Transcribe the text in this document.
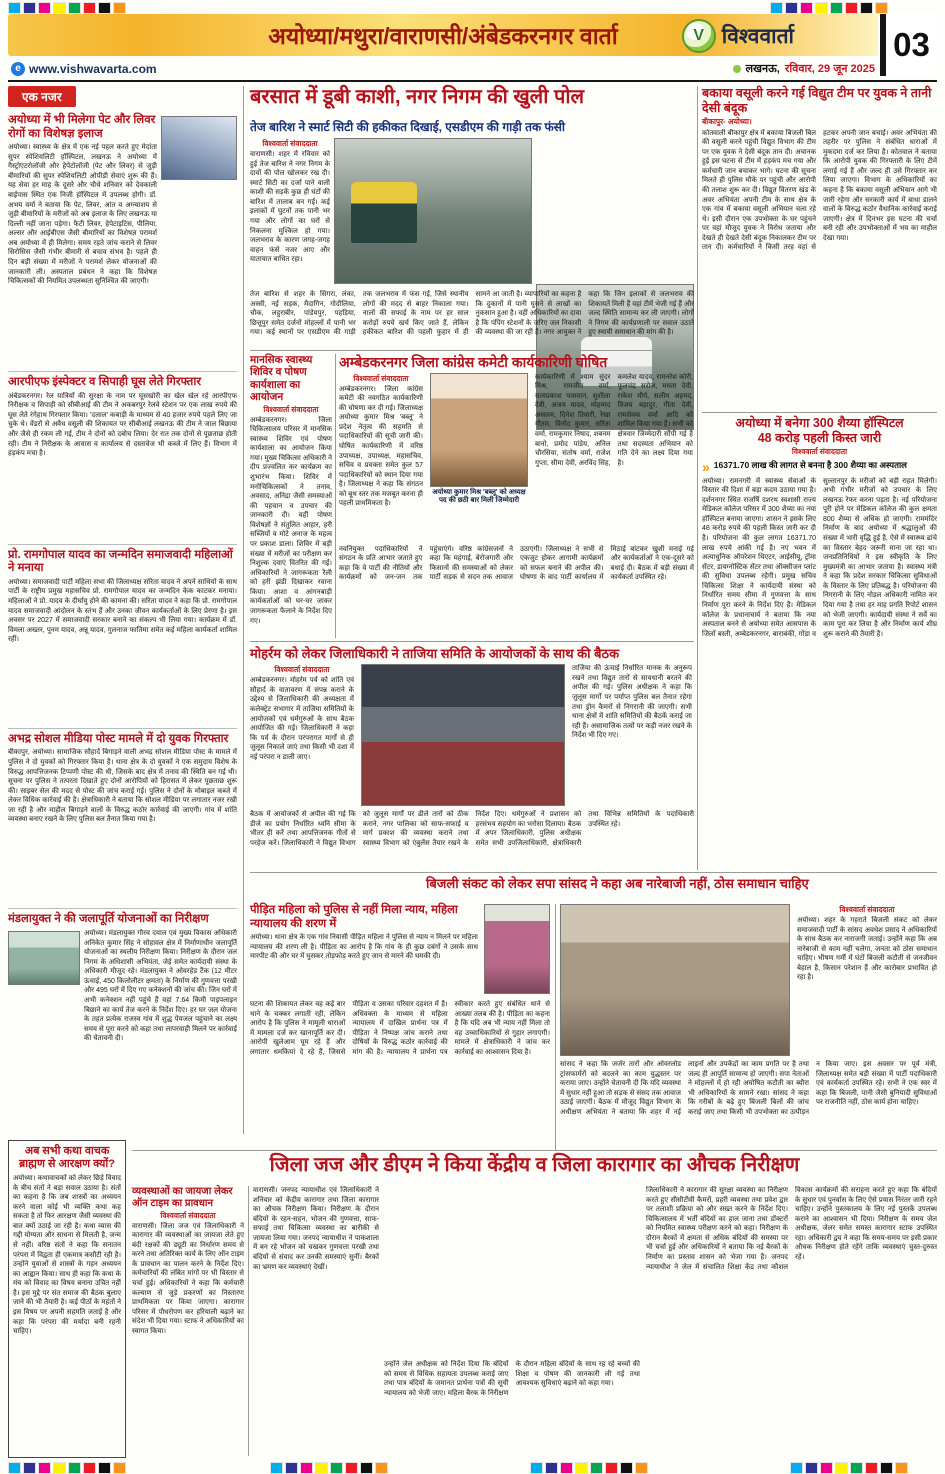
अयोध्या/मथुरा/वाराणसी/अंबेडकरनगर वार्ता	V विश्ववार्ता	03
e www.vishwavarta.com	लखनऊ, रविवार, 29 जून 2025
एक नजर
अयोध्या में भी मिलेगा पेट और लिवर रोगों का विशेषज्ञ इलाज
अयोध्या। स्वास्थ्य के क्षेत्र में एक नई पहल करते हुए मेदांता सुपर स्पेशियलिटी हॉस्पिटल, लखनऊ ने अयोध्या में गैस्ट्रोएंटरोलॉजी और हेपेटोलॉजी (पेट और लिवर) से जुड़ी बीमारियों की सुपर स्पेशियलिटी ओपीडी सेवाएं शुरू की हैं। यह सेवा हर माह के दूसरे और चौथे शनिवार को देवकाली बाईपास स्थित एक निजी हॉस्पिटल में उपलब्ध होगी। डॉ. अभय वर्मा ने बताया कि पेट, लिवर, आंत व अग्न्याशय से जुड़ी बीमारियों के मरीजों को अब इलाज के लिए लखनऊ या दिल्ली नहीं जाना पड़ेगा। फैटी लिवर, हेपेटाइटिस, पीलिया, अल्सर और आईबीएस जैसी बीमारियों का विशेषज्ञ परामर्श अब अयोध्या में ही मिलेगा। समय रहते जांच कराने से लिवर सिरोसिस जैसी गंभीर बीमारी से बचाव संभव है। पहले ही दिन बड़ी संख्या में मरीजों ने परामर्श लेकर योजनाओं की जानकारी ली। अस्पताल प्रबंधन ने कहा कि विशेषज्ञ चिकित्सकों की नियमित उपलब्धता सुनिश्चित की जाएगी।
आरपीएफ इंस्पेक्टर व सिपाही घूस लेते गिरफ्तार
अंबेडकरनगर। रेल यात्रियों की सुरक्षा के नाम पर घूसखोरी का खेल खेल रहे आरपीएफ निरीक्षक व सिपाही को सीबीआई की टीम ने अकबरपुर रेलवे स्टेशन पर एक लाख रुपये की घूस लेते रंगेहाथ गिरफ्तार किया। 'दलाल' कबाड़ी के माध्यम से 40 हजार रुपये पहले लिए जा चुके थे। वेंडरों से अवैध वसूली की शिकायत पर सीबीआई लखनऊ की टीम ने जाल बिछाया और जैसे ही रकम ली गई, टीम ने दोनों को दबोच लिया। देर रात तक दोनों से पूछताछ होती रही। टीम ने निरीक्षक के आवास व कार्यालय से दस्तावेज भी कब्जे में लिए हैं। विभाग में हड़कंप मचा है।
प्रो. रामगोपाल यादव का जन्मदिन समाजवादी महिलाओं ने मनाया
अयोध्या। समाजवादी पार्टी महिला सभा की जिलाध्यक्ष सरिता यादव ने अपने साथियों के साथ पार्टी के राष्ट्रीय प्रमुख महासचिव प्रो. रामगोपाल यादव का जन्मदिन केक काटकर मनाया। महिलाओं ने प्रो. यादव के दीर्घायु होने की कामना की। सरिता यादव ने कहा कि प्रो. रामगोपाल यादव समाजवादी आंदोलन के स्तंभ हैं और उनका जीवन कार्यकर्ताओं के लिए प्रेरणा है। इस अवसर पर 2027 में समाजवादी सरकार बनाने का संकल्प भी लिया गया। कार्यक्रम में डॉ. विमला अख्तर, पूनम यादव, अन्नू यादव, गुलनाज फातिमा समेत कई महिला कार्यकर्ता शामिल रहीं।
अभद्र सोशल मीडिया पोस्ट मामले में दो युवक गिरफ्तार
बीकापुर, अयोध्या। सामाजिक सौहार्द बिगाड़ने वाली अभद्र सोशल मीडिया पोस्ट के मामले में पुलिस ने दो युवकों को गिरफ्तार किया है। थाना क्षेत्र के दो युवकों ने एक समुदाय विशेष के विरुद्ध आपत्तिजनक टिप्पणी पोस्ट की थी, जिसके बाद क्षेत्र में तनाव की स्थिति बन गई थी। सूचना पर पुलिस ने तत्परता दिखाते हुए दोनों आरोपियों को हिरासत में लेकर पूछताछ शुरू की। साइबर सेल की मदद से पोस्ट की जांच कराई गई। पुलिस ने दोनों के मोबाइल कब्जे में लेकर विधिक कार्रवाई की है। क्षेत्राधिकारी ने बताया कि सोशल मीडिया पर लगातार नजर रखी जा रही है और माहौल बिगाड़ने वालों के विरुद्ध कठोर कार्रवाई की जाएगी। गांव में शांति व्यवस्था बनाए रखने के लिए पुलिस बल तैनात किया गया है।
मंडलायुक्त ने की जलापूर्ति योजनाओं का निरीक्षण
अयोध्या। मंडलायुक्त गौरव दयाल एवं मुख्य विकास अधिकारी अनिकेत कुमार सिंह ने सोहावल क्षेत्र में निर्माणाधीन जलापूर्ति योजनाओं का स्थलीय निरीक्षण किया। निरीक्षण के दौरान जल निगम के अधिशासी अभियंता, जेई समेत कार्यदायी संस्था के अधिकारी मौजूद रहे। मंडलायुक्त ने ओवरहेड टैंक (12 मीटर ऊंचाई, 450 किलोलीटर क्षमता) के निर्माण की गुणवत्ता परखी और 495 घरों में दिए गए कनेक्शनों की जांच की। जिन घरों में अभी कनेक्शन नहीं पहुंचे हैं वहां 7.64 किमी पाइपलाइन बिछाने का कार्य तेज करने के निर्देश दिए। हर घर जल योजना के तहत प्रत्येक राजस्व गांव में शुद्ध पेयजल पहुंचाने का लक्ष्य समय से पूरा करने को कहा तथा लापरवाही मिलने पर कार्रवाई की चेतावनी दी।
बरसात में डूबी काशी, नगर निगम की खुली पोल
तेज बारिश ने स्मार्ट सिटी की हकीकत दिखाई, एसडीएम की गाड़ी तक फंसी
विश्ववार्ता संवाददाता
वाराणसी। शहर में रविवार को हुई तेज बारिश ने नगर निगम के दावों की पोल खोलकर रख दी। स्मार्ट सिटी का दर्जा पाने वाली काशी की सड़कें कुछ ही घंटों की बारिश में तालाब बन गईं। कई इलाकों में घुटनों तक पानी भर गया और लोगों का घरों से निकलना मुश्किल हो गया। जलभराव के कारण जगह-जगह वाहन फंसे नजर आए और यातायात बाधित रहा।
तेज बारिश से शहर के सिगरा, लंका, अस्सी, नई सड़क, मैदागिन, गोदौलिया, चौक, लहुराबीर, पांडेयपुर, पहड़िया, छित्तूपुर समेत दर्जनों मोहल्लों में पानी भर गया। कई स्थानों पर एसडीएम की गाड़ी तक जलभराव में फंस गई, जिसे स्थानीय लोगों की मदद से बाहर निकाला गया। नालों की सफाई के नाम पर हर साल करोड़ों रुपये खर्च किए जाते हैं, लेकिन हकीकत बारिश की पहली फुहार में ही सामने आ जाती है। व्यापारियों का कहना है कि दुकानों में पानी घुसने से लाखों का नुकसान हुआ है। वहीं अधिकारियों का दावा है कि पंपिंग स्टेशनों के जरिए जल निकासी की व्यवस्था की जा रही है। नगर आयुक्त ने कहा कि जिन इलाकों से जलभराव की शिकायतें मिली हैं वहां टीमें भेजी गई हैं और जल्द स्थिति सामान्य कर ली जाएगी। लोगों ने निगम की कार्यप्रणाली पर सवाल उठाते हुए स्थायी समाधान की मांग की है।
बकाया वसूली करने गई विद्युत टीम पर युवक ने तानी देसी बंदूक
बीकापुर- अयोध्या।
कोतवाली बीकापुर क्षेत्र में बकाया बिजली बिल की वसूली करने पहुंची विद्युत विभाग की टीम पर एक युवक ने देसी बंदूक तान दी। अचानक हुई इस घटना से टीम में हड़कंप मच गया और कर्मचारी जान बचाकर भागे। घटना की सूचना मिलते ही पुलिस मौके पर पहुंची और आरोपी की तलाश शुरू कर दी। विद्युत वितरण खंड के अवर अभियंता अपनी टीम के साथ क्षेत्र के एक गांव में बकाया वसूली अभियान चला रहे थे। इसी दौरान एक उपभोक्ता के घर पहुंचने पर वहां मौजूद युवक ने विरोध जताया और देखते ही देखते देसी बंदूक निकालकर टीम पर तान दी। कर्मचारियों ने किसी तरह वहां से हटकर अपनी जान बचाई। अवर अभियंता की तहरीर पर पुलिस ने संबंधित धाराओं में मुकदमा दर्ज कर लिया है। कोतवाल ने बताया कि आरोपी युवक की गिरफ्तारी के लिए टीमें लगाई गई हैं और जल्द ही उसे गिरफ्तार कर लिया जाएगा। विभाग के अधिकारियों का कहना है कि बकाया वसूली अभियान आगे भी जारी रहेगा और सरकारी कार्य में बाधा डालने वालों के विरुद्ध कठोर वैधानिक कार्रवाई कराई जाएगी। क्षेत्र में दिनभर इस घटना की चर्चा बनी रही और उपभोक्ताओं में भय का माहौल देखा गया।
मानसिक स्वास्थ्य शिविर व पोषण कार्यशाला का आयोजन
विश्ववार्ता संवाददाता
अम्बेडकरनगर। जिला चिकित्सालय परिसर में मानसिक स्वास्थ्य शिविर एवं पोषण कार्यशाला का आयोजन किया गया। मुख्य चिकित्सा अधिकारी ने दीप प्रज्वलित कर कार्यक्रम का शुभारंभ किया। शिविर में मनोचिकित्सकों ने तनाव, अवसाद, अनिद्रा जैसी समस्याओं की पहचान व उपचार की जानकारी दी। वहीं पोषण विशेषज्ञों ने संतुलित आहार, हरी सब्जियों व मोटे अनाज के महत्व पर प्रकाश डाला। शिविर में बड़ी संख्या में मरीजों का परीक्षण कर निशुल्क दवाएं वितरित की गईं। अधिकारियों ने जागरूकता रैली को हरी झंडी दिखाकर रवाना किया। आशा व आंगनबाड़ी कार्यकर्ताओं को घर-घर जाकर जागरूकता फैलाने के निर्देश दिए गए।
अम्बेडकरनगर जिला कांग्रेस कमेटी कार्यकारिणी घोषित
विश्ववार्ता संवाददाता
अम्बेडकरनगर। जिला कांग्रेस कमेटी की नवगठित कार्यकारिणी की घोषणा कर दी गई। जिलाध्यक्ष अयोध्या कुमार मिश्र 'बब्लू' ने प्रदेश नेतृत्व की सहमति से पदाधिकारियों की सूची जारी की। घोषित कार्यकारिणी में वरिष्ठ उपाध्यक्ष, उपाध्यक्ष, महासचिव, सचिव व प्रवक्ता समेत कुल 57 पदाधिकारियों को स्थान दिया गया है। जिलाध्यक्ष ने कहा कि संगठन को बूथ स्तर तक मजबूत करना ही पहली प्राथमिकता है।
अयोध्या कुमार मिश्र 'बब्लू' को अध्यक्ष पद की छठी बार मिली जिम्मेदारी
कार्यकारिणी में श्याम सुंदर मिश्र, रामजीत वर्मा, सत्यप्रकाश पासवान, सुशीला देवी, अजय यादव, मोहम्मद असलम, दिनेश तिवारी, रेखा गौतम, विनोद कुमार, सरिता वर्मा, रामकुमार निषाद, शबनम बानो, प्रमोद पांडेय, अनिल चौरसिया, संतोष वर्मा, राजेश गुप्ता, सीमा देवी, अरविंद सिंह, कमलेश यादव, रामनरेश कोरी, फूलचंद्र सरोज, ममता देवी, राकेश मौर्य, सलीम अहमद, विजय बहादुर, गीता देवी, रामसेवक वर्मा आदि को शामिल किया गया है। सभी को क्षेत्रवार जिम्मेदारी सौंपी गई है तथा सदस्यता अभियान को गति देने का लक्ष्य दिया गया है।
नवनियुक्त पदाधिकारियों ने संगठन के प्रति आभार जताते हुए कहा कि वे पार्टी की नीतियों और कार्यक्रमों को जन-जन तक पहुंचाएंगे। वरिष्ठ कांग्रेसजनों ने कहा कि महंगाई, बेरोजगारी और किसानों की समस्याओं को लेकर पार्टी सड़क से सदन तक आवाज उठाएगी। जिलाध्यक्ष ने सभी से एकजुट होकर आगामी कार्यक्रमों को सफल बनाने की अपील की। घोषणा के बाद पार्टी कार्यालय में मिठाई बांटकर खुशी मनाई गई और कार्यकर्ताओं ने एक-दूसरे को बधाई दी। बैठक में बड़ी संख्या में कार्यकर्ता उपस्थित रहे।
अयोध्या में बनेगा 300 शैय्या हॉस्पिटल
48 करोड़ पहली किस्त जारी
विश्ववार्ता संवाददाता
» 16371.70 लाख की लागत से बनना है 300 शैय्या का अस्पताल
अयोध्या। रामनगरी में स्वास्थ्य सेवाओं के विस्तार की दिशा में बड़ा कदम उठाया गया है। दर्शननगर स्थित राजर्षि दशरथ स्वशासी राज्य मेडिकल कॉलेज परिसर में 300 शैय्या का नया हॉस्पिटल बनाया जाएगा। शासन ने इसके लिए 48 करोड़ रुपये की पहली किस्त जारी कर दी है। परियोजना की कुल लागत 16371.70 लाख रुपये आंकी गई है। नए भवन में अत्याधुनिक ऑपरेशन थिएटर, आईसीयू, ट्रॉमा सेंटर, डायग्नोस्टिक सेंटर तथा ऑक्सीजन प्लांट की सुविधा उपलब्ध रहेगी। प्रमुख सचिव चिकित्सा शिक्षा ने कार्यदायी संस्था को निर्धारित समय सीमा में गुणवत्ता के साथ निर्माण पूरा करने के निर्देश दिए हैं। मेडिकल कॉलेज के प्रधानाचार्य ने बताया कि नया अस्पताल बनने से अयोध्या समेत आसपास के जिलों बस्ती, अम्बेडकरनगर, बाराबंकी, गोंडा व सुल्तानपुर के मरीजों को बड़ी राहत मिलेगी। अभी गंभीर मरीजों को उपचार के लिए लखनऊ रेफर करना पड़ता है। नई परियोजना पूरी होने पर मेडिकल कॉलेज की कुल क्षमता 800 शैय्या से अधिक हो जाएगी। राममंदिर निर्माण के बाद अयोध्या में श्रद्धालुओं की संख्या में भारी वृद्धि हुई है, ऐसे में स्वास्थ्य ढांचे का विस्तार बेहद जरूरी माना जा रहा था। जनप्रतिनिधियों ने इस स्वीकृति के लिए मुख्यमंत्री का आभार जताया है। स्वास्थ्य मंत्री ने कहा कि प्रदेश सरकार चिकित्सा सुविधाओं के विस्तार के लिए प्रतिबद्ध है। परियोजना की निगरानी के लिए नोडल अधिकारी नामित कर दिया गया है तथा हर माह प्रगति रिपोर्ट शासन को भेजी जाएगी। कार्यदायी संस्था ने सर्वे का काम पूरा कर लिया है और निर्माण कार्य शीघ्र शुरू कराने की तैयारी है।
मोहर्रम को लेकर जिलाधिकारी ने ताजिया समिति के आयोजकों के साथ की बैठक
विश्ववार्ता संवाददाता
अम्बेडकरनगर। मोहर्रम पर्व को शांति एवं सौहार्द के वातावरण में संपन्न कराने के उद्देश्य से जिलाधिकारी की अध्यक्षता में कलेक्ट्रेट सभागार में ताजिया समितियों के आयोजकों एवं धर्मगुरुओं के साथ बैठक आयोजित की गई। जिलाधिकारी ने कहा कि पर्व के दौरान परंपरागत मार्गों से ही जुलूस निकाले जाएं तथा किसी भी दशा में नई परंपरा न डाली जाए।
ताजिया की ऊंचाई निर्धारित मानक के अनुरूप रखने तथा विद्युत तारों से सावधानी बरतने की अपील की गई। पुलिस अधीक्षक ने कहा कि जुलूस मार्गों पर पर्याप्त पुलिस बल तैनात रहेगा तथा ड्रोन कैमरों से निगरानी की जाएगी। सभी थाना क्षेत्रों में शांति समितियों की बैठकें कराई जा रही हैं। असामाजिक तत्वों पर कड़ी नजर रखने के निर्देश भी दिए गए।
बैठक में आयोजकों से अपील की गई कि डीजे का प्रयोग निर्धारित ध्वनि सीमा के भीतर ही करें तथा आपत्तिजनक गीतों से परहेज करें। जिलाधिकारी ने विद्युत विभाग को जुलूस मार्गों पर ढीले तारों को ठीक कराने, नगर पालिका को साफ-सफाई व मार्ग प्रकाश की व्यवस्था कराने तथा स्वास्थ्य विभाग को एंबुलेंस तैयार रखने के निर्देश दिए। धर्मगुरुओं ने प्रशासन को हरसंभव सहयोग का भरोसा दिलाया। बैठक में अपर जिलाधिकारी, पुलिस अधीक्षक समेत सभी उपजिलाधिकारी, क्षेत्राधिकारी तथा विभिन्न समितियों के पदाधिकारी उपस्थित रहे।
बिजली संकट को लेकर सपा सांसद ने कहा अब नारेबाजी नहीं, ठोस समाधान चाहिए
पीड़ित महिला को पुलिस से नहीं मिला न्याय, महिला न्यायालय की शरण में
अयोध्या। थाना क्षेत्र के एक गांव निवासी पीड़ित महिला ने पुलिस से न्याय न मिलने पर महिला न्यायालय की शरण ली है। पीड़िता का आरोप है कि गांव के ही कुछ दबंगों ने उसके साथ मारपीट की और घर में घुसकर तोड़फोड़ करते हुए जान से मारने की धमकी दी।
घटना की शिकायत लेकर वह कई बार थाने के चक्कर लगाती रही, लेकिन आरोप है कि पुलिस ने मामूली धाराओं में मामला दर्ज कर खानापूर्ति कर दी। आरोपी खुलेआम घूम रहे हैं और लगातार धमकियां दे रहे हैं, जिससे पीड़िता व उसका परिवार दहशत में है। अधिवक्ता के माध्यम से महिला न्यायालय में दाखिल प्रार्थना पत्र में पीड़िता ने निष्पक्ष जांच कराने तथा दोषियों के विरुद्ध कठोर कार्रवाई की मांग की है। न्यायालय ने प्रार्थना पत्र स्वीकार करते हुए संबंधित थाने से आख्या तलब की है। पीड़िता का कहना है कि यदि अब भी न्याय नहीं मिला तो वह उच्चाधिकारियों से गुहार लगाएगी। मामले में क्षेत्राधिकारी ने जांच कर कार्रवाई का आश्वासन दिया है।
विश्ववार्ता संवाददाता
अयोध्या। शहर के गहराते बिजली संकट को लेकर समाजवादी पार्टी के सांसद अवधेश प्रसाद ने अधिकारियों के साथ बैठक कर नाराजगी जताई। उन्होंने कहा कि अब नारेबाजी से काम नहीं चलेगा, जनता को ठोस समाधान चाहिए। भीषण गर्मी में घंटों बिजली कटौती से जनजीवन बेहाल है, किसान परेशान हैं और कारोबार प्रभावित हो रहा है।
सांसद ने कहा कि जर्जर तारों और ओवरलोड ट्रांसफार्मरों को बदलने का काम युद्धस्तर पर कराया जाए। उन्होंने चेतावनी दी कि यदि व्यवस्था में सुधार नहीं हुआ तो सड़क से संसद तक आवाज उठाई जाएगी। बैठक में मौजूद विद्युत विभाग के अधीक्षण अभियंता ने बताया कि शहर में नई लाइनों और उपकेंद्रों का काम प्रगति पर है तथा जल्द ही आपूर्ति सामान्य हो जाएगी। सपा नेताओं ने मोहल्लों में हो रही अघोषित कटौती का ब्यौरा भी अधिकारियों के सामने रखा। सांसद ने कहा कि गरीबों के बढ़े हुए बिजली बिलों की जांच कराई जाए तथा किसी भी उपभोक्ता का उत्पीड़न न किया जाए। इस अवसर पर पूर्व मंत्री, जिलाध्यक्ष समेत बड़ी संख्या में पार्टी पदाधिकारी एवं कार्यकर्ता उपस्थित रहे। सभी ने एक स्वर में कहा कि बिजली, पानी जैसी बुनियादी सुविधाओं पर राजनीति नहीं, ठोस कार्य होना चाहिए।
अब सभी कथा वाचक ब्राह्मण से आरक्षण क्यों?
अयोध्या। कथावाचकों को लेकर छिड़े विवाद के बीच संतों ने बड़ा सवाल उठाया है। संतों का कहना है कि जब शास्त्रों का अध्ययन करने वाला कोई भी व्यक्ति कथा कह सकता है तो फिर आरक्षण जैसी व्यवस्था की बात क्यों उठाई जा रही है। कथा व्यास की गद्दी योग्यता और साधना से मिलती है, जन्म से नहीं। वरिष्ठ संतों ने कहा कि सनातन परंपरा में विद्वता ही एकमात्र कसौटी रही है। उन्होंने युवाओं से शास्त्रों के गहन अध्ययन का आह्वान किया। साथ ही कहा कि कथा के मंच को विवाद का विषय बनाना उचित नहीं है। इस मुद्दे पर संत समाज की बैठक बुलाए जाने की भी तैयारी है। कई पीठों के महंतों ने इस विषय पर अपनी सहमति जताई है और कहा कि परंपरा की मर्यादा बनी रहनी चाहिए।
जिला जज और डीएम ने किया केंद्रीय व जिला कारागार का औचक निरीक्षण
व्यवस्थाओं का जायजा लेकर ऑन टाइम का प्रावधान
विश्ववार्ता संवाददाता
वाराणसी। जिला जज एवं जिलाधिकारी ने कारागार की व्यवस्थाओं का जायजा लेते हुए बंदी रक्षकों की ड्यूटी का निर्धारण समय से करने तथा अतिरिक्त कार्य के लिए ऑन टाइम के प्रावधान का पालन करने के निर्देश दिए। कर्मचारियों की लंबित मांगों पर भी विस्तार से चर्चा हुई। अधिकारियों ने कहा कि कर्मचारी कल्याण से जुड़े प्रकरणों का निस्तारण प्राथमिकता पर किया जाएगा। कारागार परिसर में पौधरोपण कर हरियाली बढ़ाने का संदेश भी दिया गया। स्टाफ ने अधिकारियों का स्वागत किया।
वाराणसी। जनपद न्यायाधीश एवं जिलाधिकारी ने शनिवार को केंद्रीय कारागार तथा जिला कारागार का औचक निरीक्षण किया। निरीक्षण के दौरान बंदियों के रहन-सहन, भोजन की गुणवत्ता, साफ-सफाई तथा चिकित्सा व्यवस्था का बारीकी से जायजा लिया गया। जनपद न्यायाधीश ने पाकशाला में बन रहे भोजन को चखकर गुणवत्ता परखी तथा बंदियों से संवाद कर उनकी समस्याएं सुनीं। बैरकों का भ्रमण कर व्यवस्थाएं देखीं।
उन्होंने जेल अधीक्षक को निर्देश दिया कि बंदियों को समय से विधिक सहायता उपलब्ध कराई जाए तथा पात्र बंदियों के जमानत प्रार्थना पत्रों की सूची न्यायालय को भेजी जाए। महिला बैरक के निरीक्षण के दौरान महिला बंदियों के साथ रह रहे बच्चों की शिक्षा व पोषण की जानकारी ली गई तथा आवश्यक सुविधाएं बढ़ाने को कहा गया।
जिलाधिकारी ने कारागार की सुरक्षा व्यवस्था का निरीक्षण करते हुए सीसीटीवी कैमरों, प्रहरी व्यवस्था तथा प्रवेश द्वार पर तलाशी प्रक्रिया को और सख्त करने के निर्देश दिए। चिकित्सालय में भर्ती बंदियों का हाल जाना तथा डॉक्टरों को नियमित स्वास्थ्य परीक्षण करने को कहा। निरीक्षण के दौरान बैरकों में क्षमता से अधिक बंदियों की समस्या पर भी चर्चा हुई और अधिकारियों ने बताया कि नई बैरकों के निर्माण का प्रस्ताव शासन को भेजा गया है। जनपद न्यायाधीश ने जेल में संचालित शिक्षा केंद्र तथा कौशल विकास कार्यक्रमों की सराहना करते हुए कहा कि बंदियों के सुधार एवं पुनर्वास के लिए ऐसे प्रयास निरंतर जारी रहने चाहिए। उन्होंने पुस्तकालय के लिए नई पुस्तकें उपलब्ध कराने का आश्वासन भी दिया। निरीक्षण के समय जेल अधीक्षक, जेलर समेत समस्त कारागार स्टाफ उपस्थित रहा। अधिकारी द्वय ने कहा कि समय-समय पर इसी प्रकार औचक निरीक्षण होते रहेंगे ताकि व्यवस्थाएं चुस्त-दुरुस्त रहें।
